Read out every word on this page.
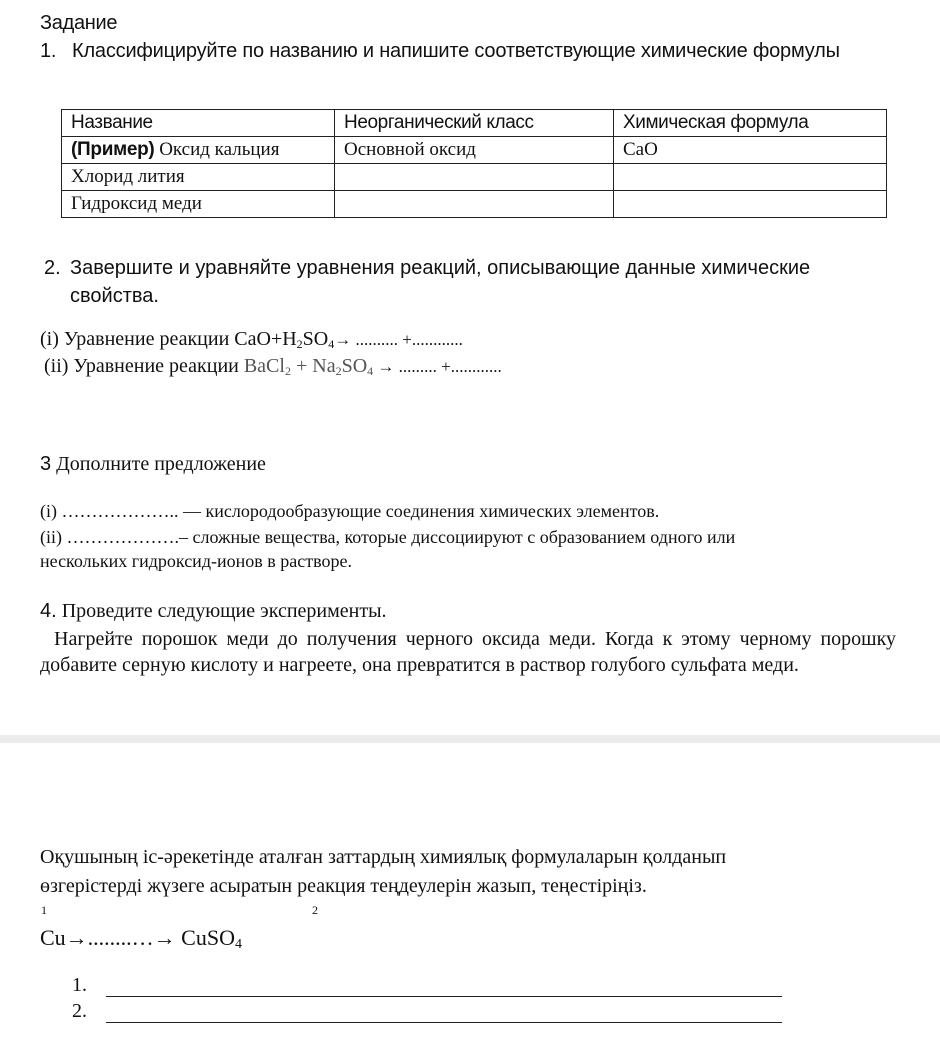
Задание
1. Классифицируйте по названию и напишите соответствующие химические формулы
Название	Неорганический класс	Химическая формула
(Пример) Оксид кальция	Основной оксид	CaO
Хлорид лития		
Гидроксид меди		
2. Завершите и уравняйте уравнения реакций, описывающие данные химические
свойства.
(i) Уравнение реакции $CaO+H_2SO_4\to$ .......... +............
(ii) Уравнение реакции BaCl$_2$ + $Na_2SO_4$ → ......... +............
3 Дополните предложение
(i) ……………….. — кислородообразующие соединения химических элементов.
(ii) ……………….– сложные вещества, которые диссоциируют с образованием одного или
нескольких гидроксид-ионов в растворе.
4. Проведите следующие эксперименты.
Нагрейте порошок меди до получения черного оксида меди. Когда к этому черному порошку добавите серную кислоту и нагреете, она превратится в раствор голубого сульфата меди.
Оқушының іс-әрекетінде аталған заттардың химиялық формулаларын қолданып
өзгерістерді жүзеге асыратын реакция теңдеулерін жазып, теңестіріңіз.
1	2
Cu→........…→ CuSO$_4$
1.
2.
